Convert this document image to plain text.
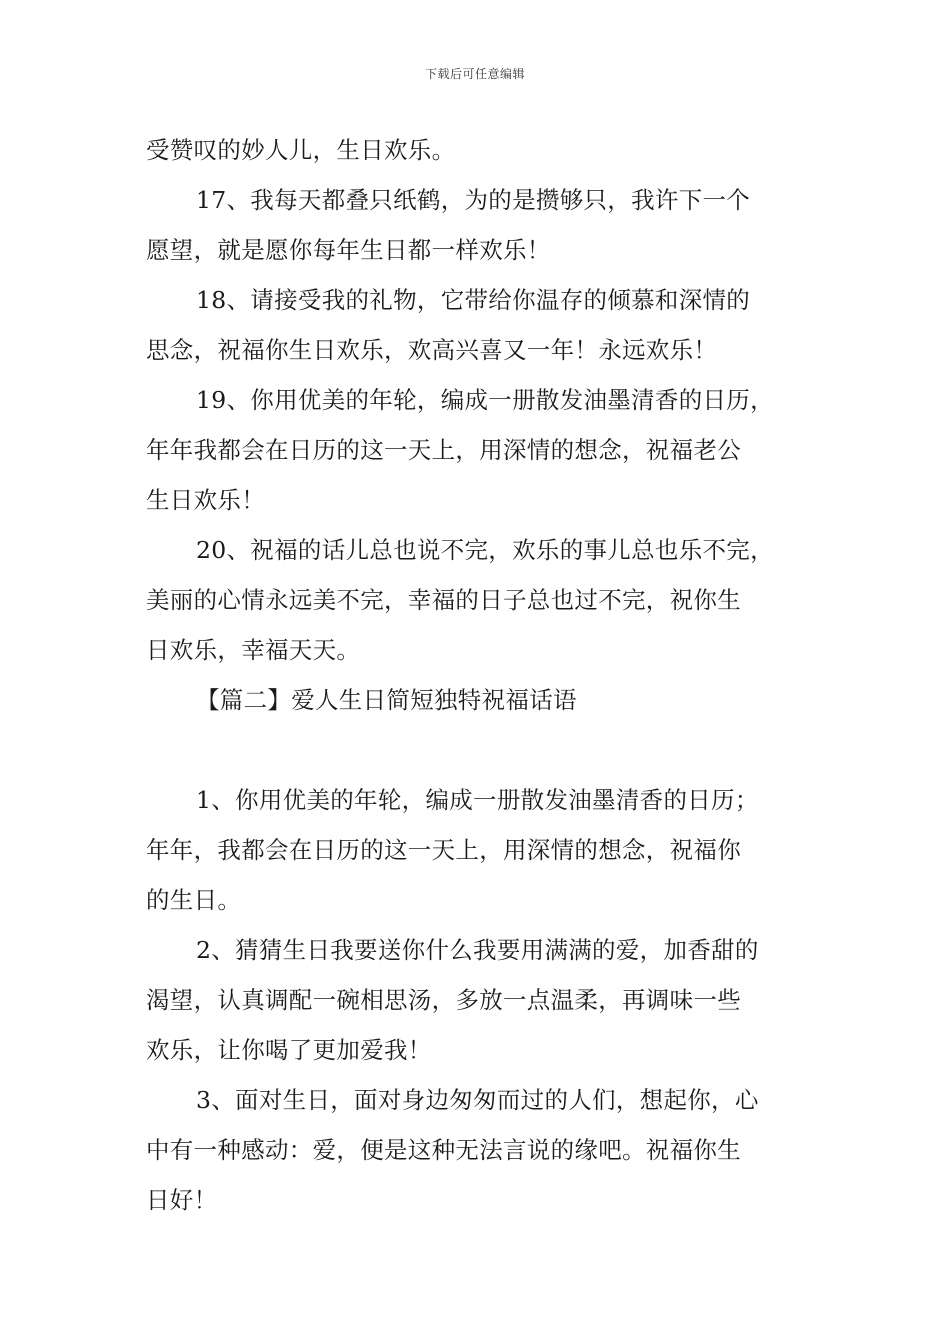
下载后可任意编辑
受赞叹的妙人儿，生日欢乐。
17、我每天都叠只纸鹤，为的是攒够只，我许下一个
愿望，就是愿你每年生日都一样欢乐！
18、请接受我的礼物，它带给你温存的倾慕和深情的
思念，祝福你生日欢乐，欢高兴喜又一年！永远欢乐！
19、你用优美的年轮，编成一册散发油墨清香的日历，
年年我都会在日历的这一天上，用深情的想念，祝福老公
生日欢乐！
20、祝福的话儿总也说不完，欢乐的事儿总也乐不完，
美丽的心情永远美不完，幸福的日子总也过不完，祝你生
日欢乐，幸福天天。
【篇二】爱人生日简短独特祝福话语
1、你用优美的年轮，编成一册散发油墨清香的日历；
年年，我都会在日历的这一天上，用深情的想念，祝福你
的生日。
2、猜猜生日我要送你什么我要用满满的爱，加香甜的
渴望，认真调配一碗相思汤，多放一点温柔，再调味一些
欢乐，让你喝了更加爱我！
3、面对生日，面对身边匆匆而过的人们，想起你，心
中有一种感动：爱，便是这种无法言说的缘吧。祝福你生
日好！
